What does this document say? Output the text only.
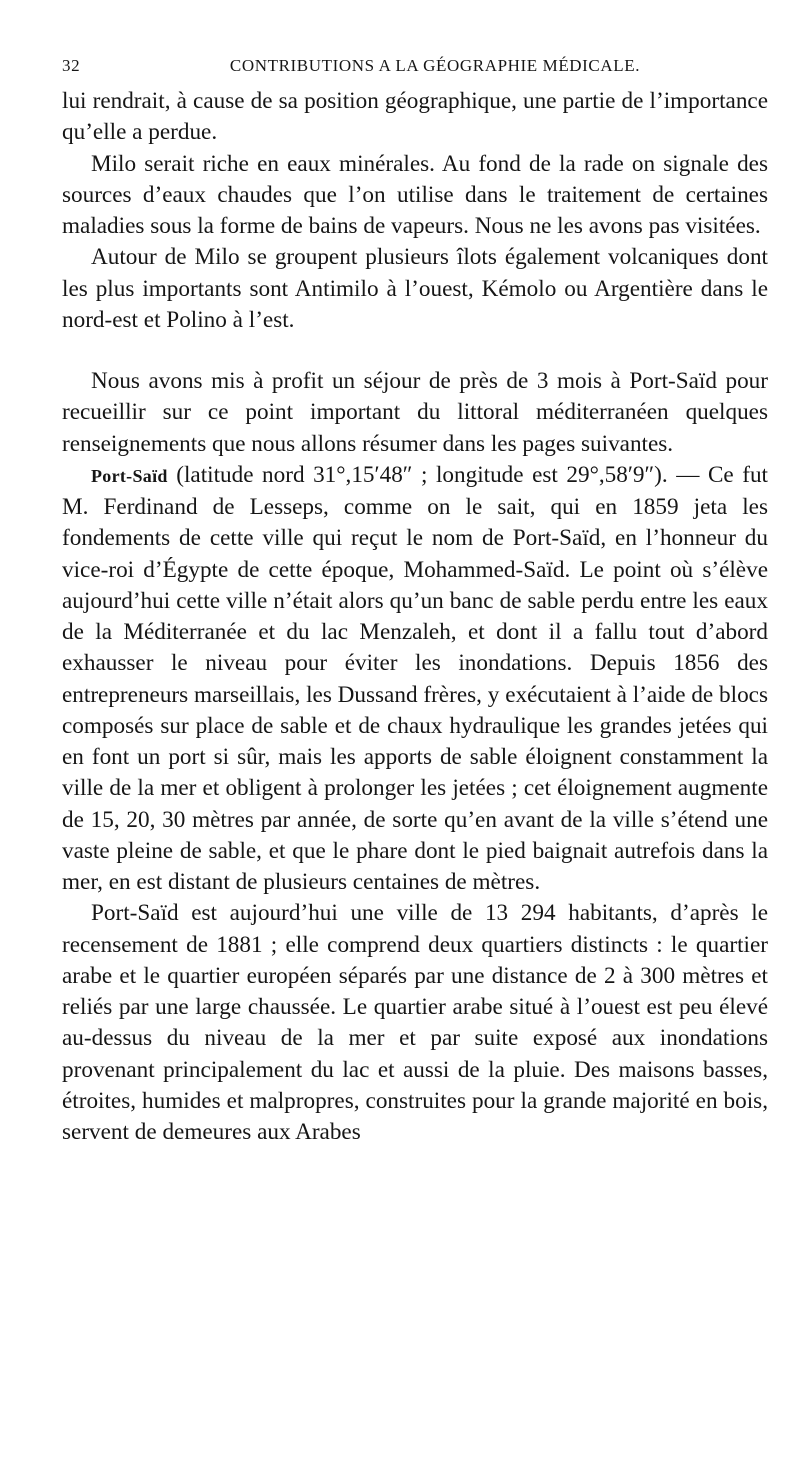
32	CONTRIBUTIONS A LA GÉOGRAPHIE MÉDICALE.

lui rendrait, à cause de sa position géographique, une partie de l’importance qu’elle a perdue.

Milo serait riche en eaux minérales. Au fond de la rade on signale des sources d’eaux chaudes que l’on utilise dans le traitement de certaines maladies sous la forme de bains de vapeurs. Nous ne les avons pas visitées.

Autour de Milo se groupent plusieurs îlots également volcaniques dont les plus importants sont Antimilo à l’ouest, Kémolo ou Argentière dans le nord-est et Polino à l’est.

Nous avons mis à profit un séjour de près de 3 mois à Port-Saïd pour recueillir sur ce point important du littoral méditerranéen quelques renseignements que nous allons résumer dans les pages suivantes.

Port-Saïd (latitude nord 31°,15′48″ ; longitude est 29°,58′9″). — Ce fut M. Ferdinand de Lesseps, comme on le sait, qui en 1859 jeta les fondements de cette ville qui reçut le nom de Port-Saïd, en l’honneur du vice-roi d’Égypte de cette époque, Mohammed-Saïd. Le point où s’élève aujourd’hui cette ville n’était alors qu’un banc de sable perdu entre les eaux de la Méditerranée et du lac Menzaleh, et dont il a fallu tout d’abord exhausser le niveau pour éviter les inondations. Depuis 1856 des entrepreneurs marseillais, les Dussand frères, y exécutaient à l’aide de blocs composés sur place de sable et de chaux hydraulique les grandes jetées qui en font un port si sûr, mais les apports de sable éloignent constamment la ville de la mer et obligent à prolonger les jetées ; cet éloignement augmente de 15, 20, 30 mètres par année, de sorte qu’en avant de la ville s’étend une vaste pleine de sable, et que le phare dont le pied baignait autrefois dans la mer, en est distant de plusieurs centaines de mètres.

Port-Saïd est aujourd’hui une ville de 13 294 habitants, d’après le recensement de 1881 ; elle comprend deux quartiers distincts : le quartier arabe et le quartier européen séparés par une distance de 2 à 300 mètres et reliés par une large chaussée. Le quartier arabe situé à l’ouest est peu élevé au-dessus du niveau de la mer et par suite exposé aux inondations provenant principalement du lac et aussi de la pluie. Des maisons basses, étroites, humides et malpropres, construites pour la grande majorité en bois, servent de demeures aux Arabes
